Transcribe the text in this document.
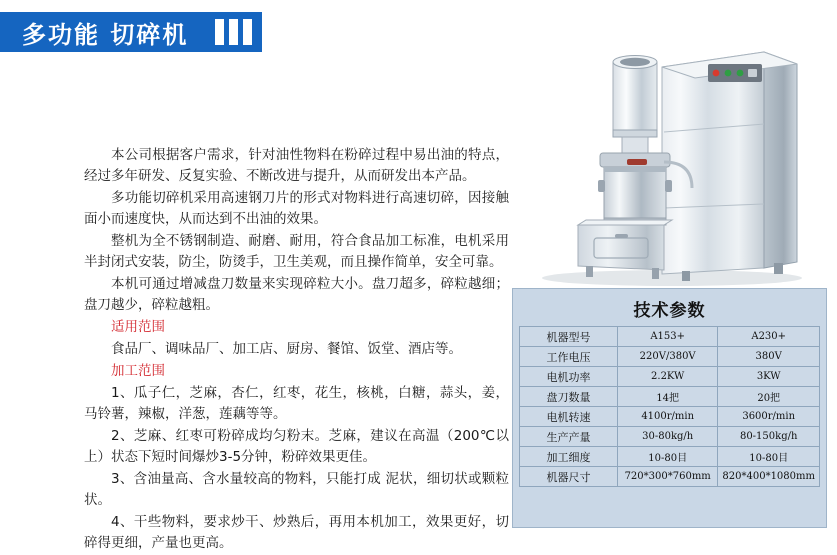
多功能 切碎机

本公司根据客户需求，针对油性物料在粉碎过程中易出油的特点，经过多年研发、反复实验、不断改进与提升，从而研发出本产品。

多功能切碎机采用高速钢刀片的形式对物料进行高速切碎，因接触面小而速度快，从而达到不出油的效果。

整机为全不锈钢制造、耐磨、耐用，符合食品加工标准，电机采用半封闭式安装，防尘，防烫手，卫生美观，而且操作简单，安全可靠。

本机可通过增减盘刀数量来实现碎粒大小。盘刀超多，碎粒越细；盘刀越少，碎粒越粗。

适用范围

食品厂、调味品厂、加工店、厨房、餐馆、饭堂、酒店等。

加工范围

1、瓜子仁，芝麻，杏仁，红枣，花生，核桃，白糖，蒜头，姜，马铃薯，辣椒，洋葱，莲藕等等。

2、芝麻、红枣可粉碎成均匀粉末。芝麻，建议在高温（200℃以上）状态下短时间爆炒3-5分钟，粉碎效果更佳。

3、含油量高、含水量较高的物料，只能打成 泥状，细切状或颗粒状。

4、干些物料，要求炒干、炒熟后，再用本机加工，效果更好，切碎得更细，产量也更高。

技术参数
机器型号	A153+	A230+
工作电压	220V/380V	380V
电机功率	2.2KW	3KW
盘刀数量	14把	20把
电机转速	4100r/min	3600r/min
生产产量	30-80kg/h	80-150kg/h
加工细度	10-80目	10-80目
机器尺寸	720*300*760mm	820*400*1080mm
